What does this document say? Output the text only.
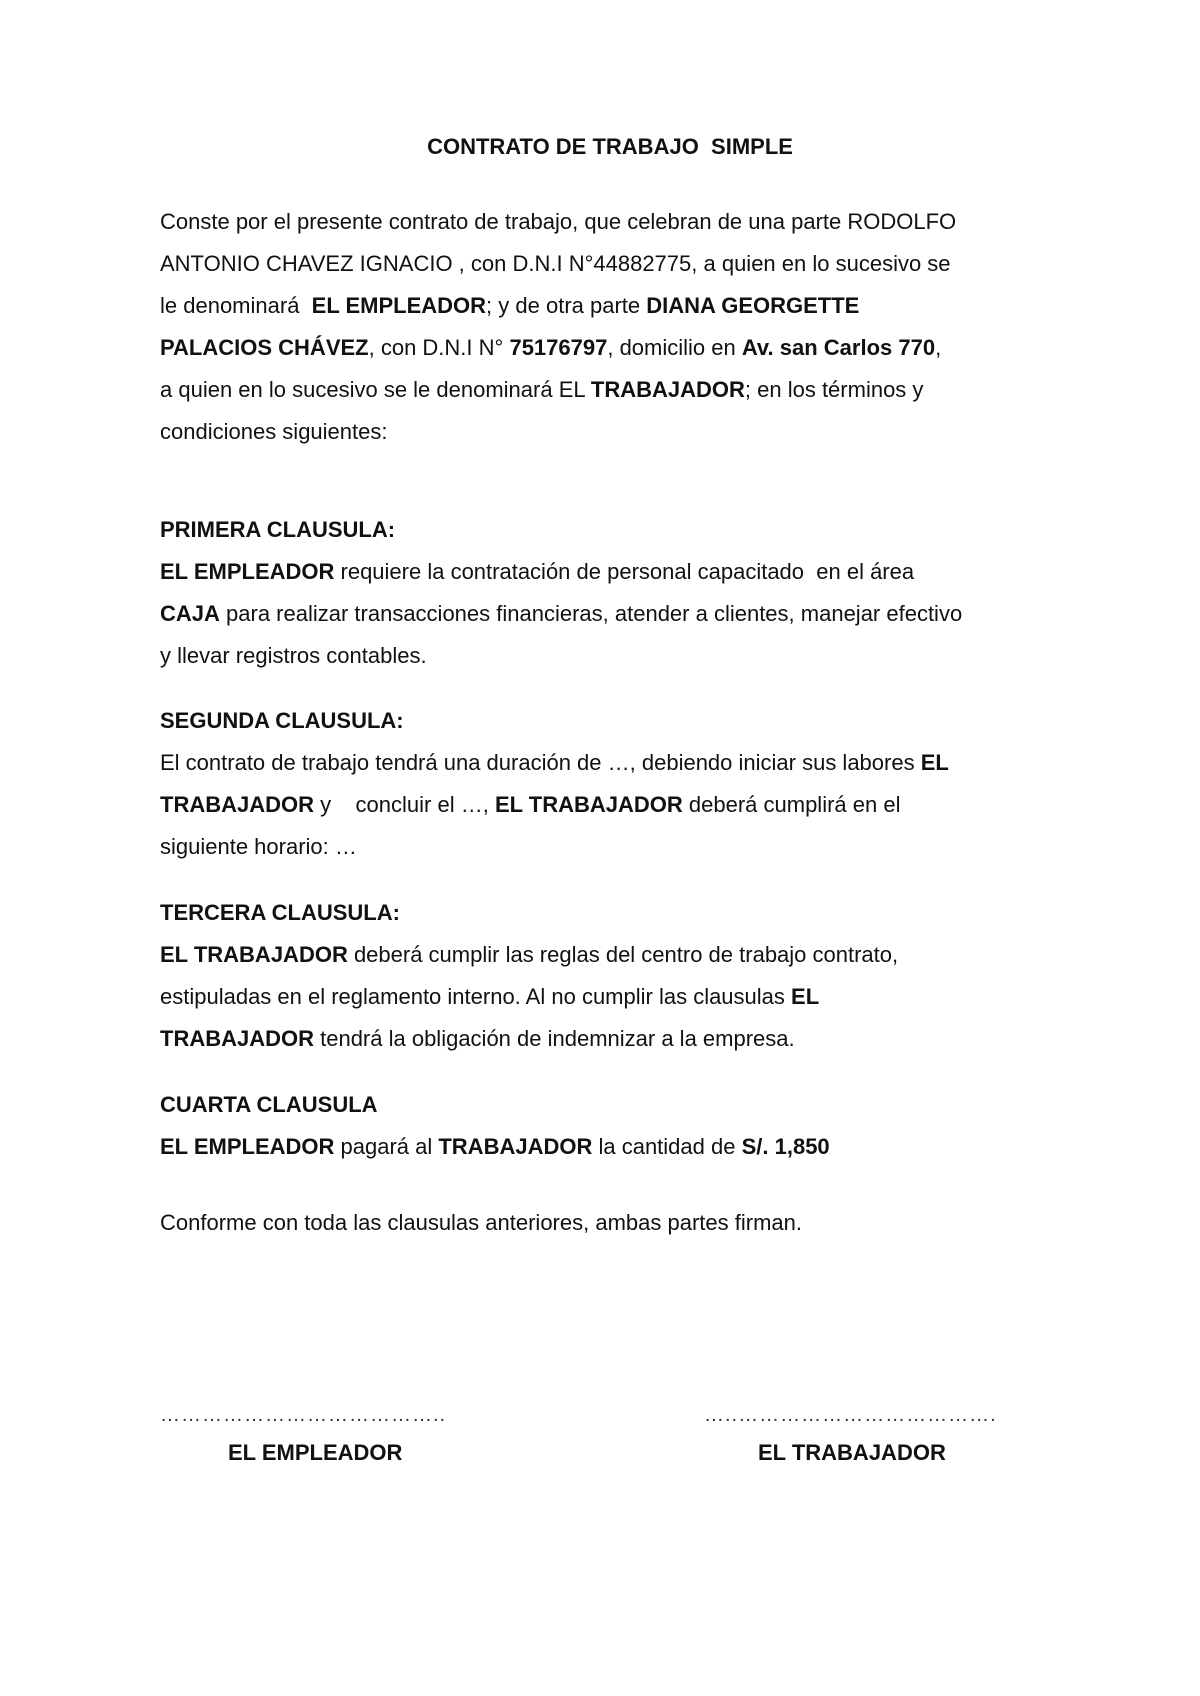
CONTRATO DE TRABAJO  SIMPLE
Conste por el presente contrato de trabajo, que celebran de una parte RODOLFO
ANTONIO CHAVEZ IGNACIO , con D.N.I N°44882775, a quien en lo sucesivo se
le denominará  EL EMPLEADOR; y de otra parte DIANA GEORGETTE
PALACIOS CHÁVEZ, con D.N.I N° 75176797, domicilio en Av. san Carlos 770,
a quien en lo sucesivo se le denominará EL TRABAJADOR; en los términos y
condiciones siguientes:
PRIMERA CLAUSULA:
EL EMPLEADOR requiere la contratación de personal capacitado  en el área
CAJA para realizar transacciones financieras, atender a clientes, manejar efectivo
y llevar registros contables.
SEGUNDA CLAUSULA:
El contrato de trabajo tendrá una duración de …, debiendo iniciar sus labores EL
TRABAJADOR y    concluir el …, EL TRABAJADOR deberá cumplirá en el
siguiente horario: …
TERCERA CLAUSULA:
EL TRABAJADOR deberá cumplir las reglas del centro de trabajo contrato,
estipuladas en el reglamento interno. Al no cumplir las clausulas EL
TRABAJADOR tendrá la obligación de indemnizar a la empresa.
CUARTA CLAUSULA
EL EMPLEADOR pagará al TRABAJADOR la cantidad de S/. 1,850
Conforme con toda las clausulas anteriores, ambas partes firman.
…………………………………..	…..……………………………….
EL EMPLEADOR	EL TRABAJADOR
